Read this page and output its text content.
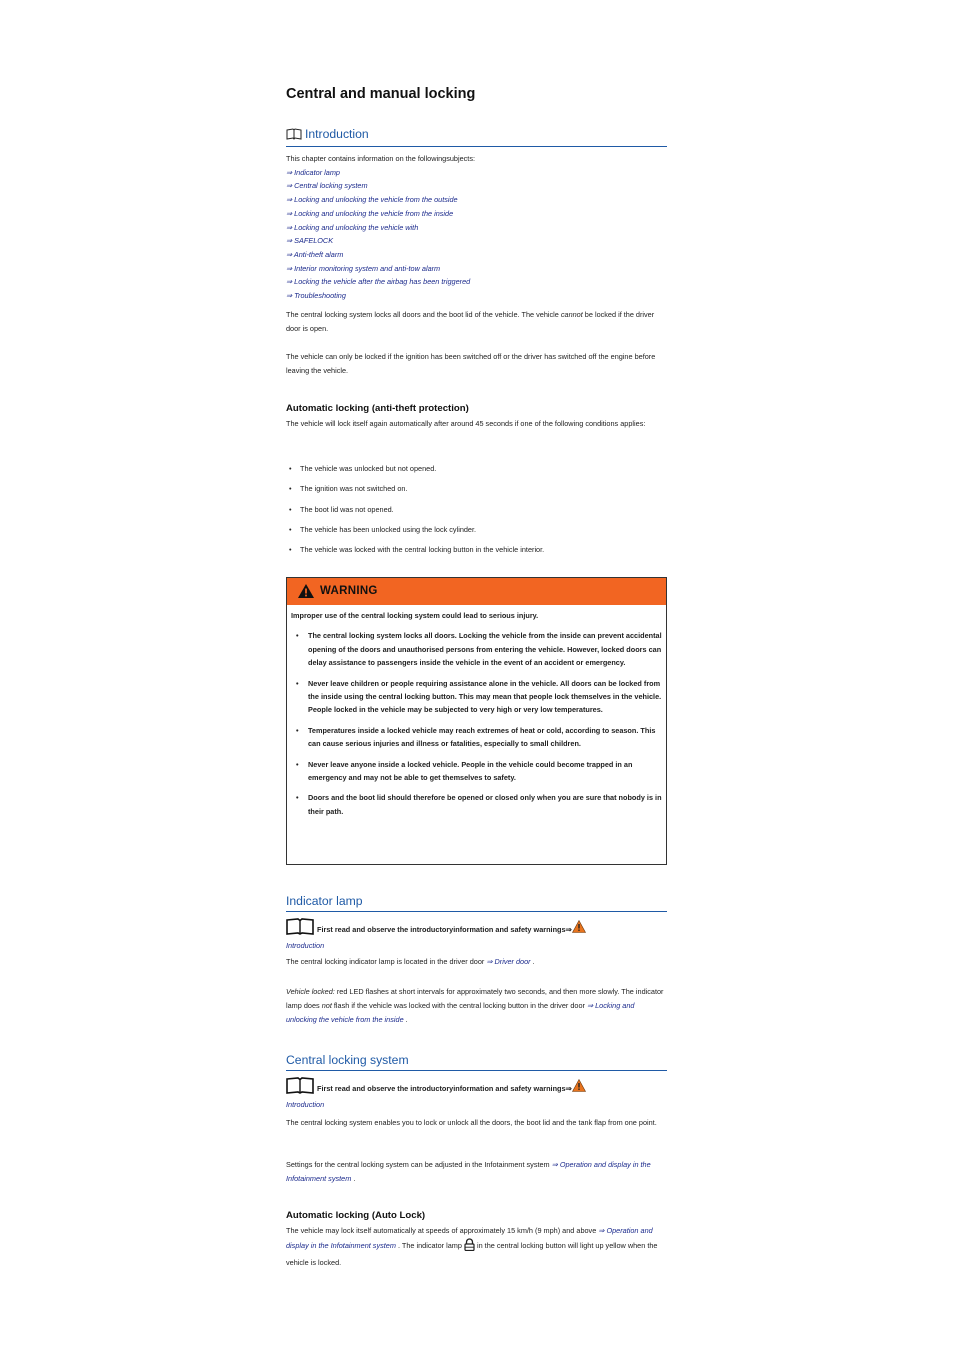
Central and manual locking
Introduction

This chapter contains information on the followingsubjects:

⇒ Indicator lamp

⇒ Central locking system

⇒ Locking and unlocking the vehicle from the outside

⇒ Locking and unlocking the vehicle from the inside

⇒ Locking and unlocking the vehicle with

⇒ SAFELOCK

⇒ Anti-theft alarm

⇒ Interior monitoring system and anti-tow alarm

⇒ Locking the vehicle after the airbag has been triggered

⇒ Troubleshooting

The central locking system locks all doors and the boot lid of the vehicle. The vehicle cannot be locked if the driver door is open.

The vehicle can only be locked if the ignition has been switched off or the driver has switched off the engine before leaving the vehicle.

Automatic locking (anti-theft protection)

The vehicle will lock itself again automatically after around 45 seconds if one of the following conditions applies:

• The vehicle was unlocked but not opened.
• The ignition was not switched on.
• The boot lid was not opened.
• The vehicle has been unlocked using the lock cylinder.
• The vehicle was locked with the central locking button in the vehicle interior.
WARNING

Improper use of the central locking system could lead to serious injury.

• The central locking system locks all doors. Locking the vehicle from the inside can prevent accidental opening of the doors and unauthorised persons from entering the vehicle. However, locked doors can delay assistance to passengers inside the vehicle in the event of an accident or emergency.
• Never leave children or people requiring assistance alone in the vehicle. All doors can be locked from the inside using the central locking button. This may mean that people lock themselves in the vehicle. People locked in the vehicle may be subjected to very high or very low temperatures.
• Temperatures inside a locked vehicle may reach extremes of heat or cold, according to season. This can cause serious injuries and illness or fatalities, especially to small children.
• Never leave anyone inside a locked vehicle. People in the vehicle could become trapped in an emergency and may not be able to get themselves to safety.
• Doors and the boot lid should therefore be opened or closed only when you are sure that nobody is in their path.
Indicator lamp
First read and observe the introductoryinformation and safety warnings⇒
Introduction

The central locking indicator lamp is located in the driver door ⇒ Driver door .

Vehicle locked: red LED flashes at short intervals for approximately two seconds, and then more slowly. The indicator lamp does not flash if the vehicle was locked with the central locking button in the driver door ⇒ Locking and unlocking the vehicle from the inside .

Central locking system
First read and observe the introductoryinformation and safety warnings⇒
Introduction

The central locking system enables you to lock or unlock all the doors, the boot lid and the tank flap from one point.

Settings for the central locking system can be adjusted in the Infotainment system ⇒ Operation and display in the Infotainment system .

Automatic locking (Auto Lock)

The vehicle may lock itself automatically at speeds of approximately 15 km/h (9 mph) and above ⇒ Operation and display in the Infotainment system . The indicator lamp  in the central locking button will light up yellow when the vehicle is locked.
